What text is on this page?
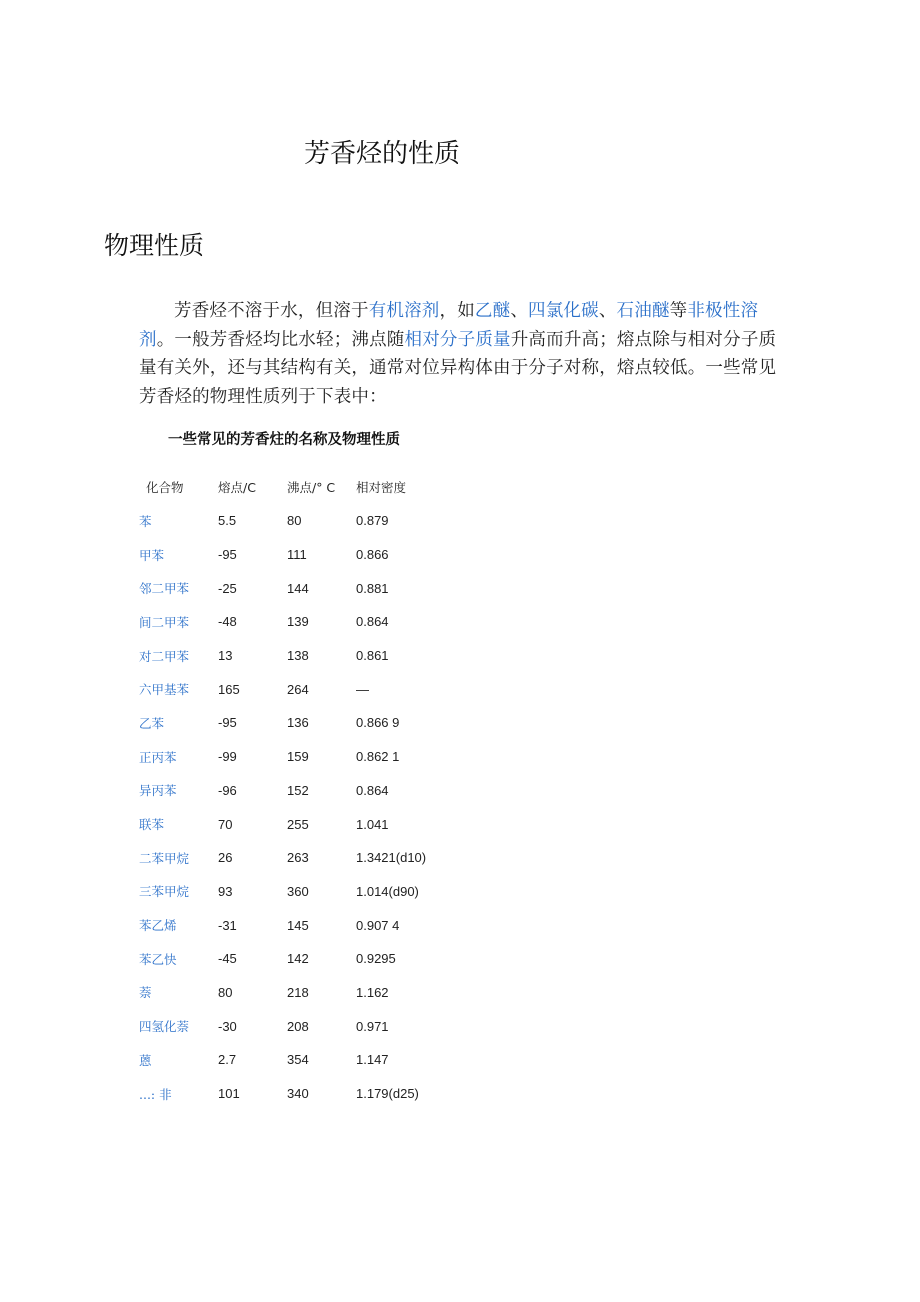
芳香烃的性质
物理性质

芳香烃不溶于水，但溶于有机溶剂，如乙醚、四氯化碳、石油醚等非极性溶剂。一般芳香烃均比水轻；沸点随相对分子质量升高而升高；熔点除与相对分子质量有关外，还与其结构有关，通常对位异构体由于分子对称，熔点较低。一些常见芳香烃的物理性质列于下表中：

一些常见的芳香炷的名称及物理性质
化合物	熔点/C	沸点/° C	相对密度
苯	5.5	80	0.879
甲苯	-95	111	0.866
邻二甲苯	-25	144	0.881
间二甲苯	-48	139	0.864
对二甲苯	13	138	0.861
六甲基苯	165	264	—
乙苯	-95	136	0.866 9
正丙苯	-99	159	0.862 1
异丙苯	-96	152	0.864
联苯	70	255	1.041
二苯甲烷	26	263	1.3421(d10)
三苯甲烷	93	360	1.014(d90)
苯乙烯	-31	145	0.907 4
苯乙快	-45	142	0.9295
萘	80	218	1.162
四氢化萘	-30	208	0.971
蒽	2.7	354	1.147
...: 非	101	340	1.179(d25)
